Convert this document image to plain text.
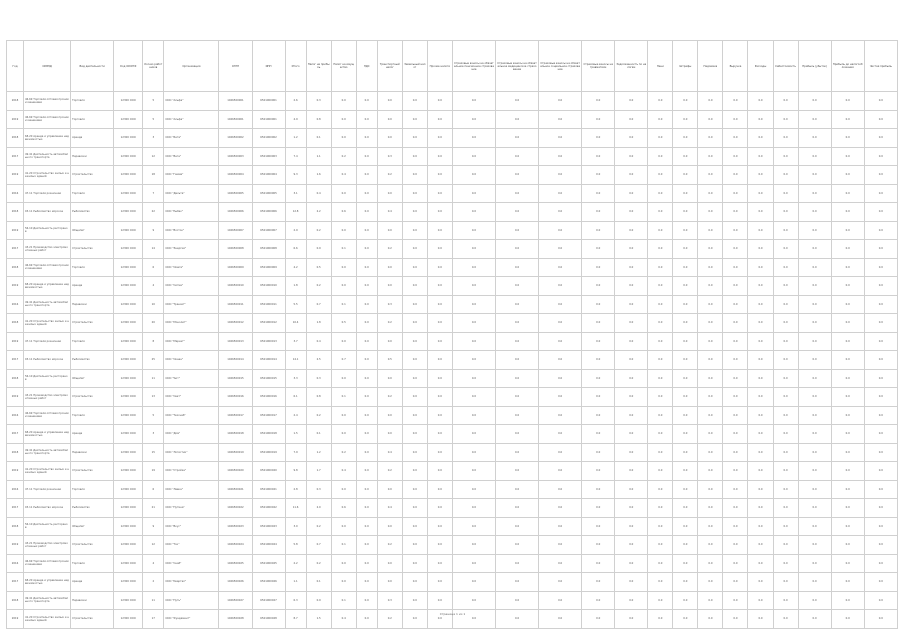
Год	ОКВЭД	Вид деятельности	Код ОКОПФ	Кол-во работников	Организация	ОГРН	ИНН	Итого	Налог на прибыль	Налог на имущество	НДС	Транспортный налог	Земельный налог	Прочие налоги	Страховые взносы на обязательное пенсионное страхование	Страховые взносы на обязательное медицинское страхование	Страховые взносы на обязательное социальное страхование	Страховые взносы на травматизм	Задолженность по налогам	Пени	Штрафы	Недоимка	Выручка	Расходы	Себестоимость	Прибыль (убыток)	Прибыль до налогообложения	Чистая прибыль
2018	46.69 Торговля оптовая прочими машинами	Торговля	12300 ООО	5	ООО "Альфа"	1026500001	6501000001	2.6	0.3	0.0	0.0	0.0	0.0	0.0	0.0	0.0	0.0	0.0	0.0	0.0	0.0	0.0	0.0	0.0	0.0	0.0	0.0	0.0
2019	46.69 Торговля оптовая прочими машинами	Торговля	12300 ООО	5	ООО "Альфа"	1026500001	6501000001	4.9	0.8	0.0	0.0	0.0	0.0	0.0	0.0	0.0	0.0	0.0	0.0	0.0	0.0	0.0	0.0	0.0	0.0	0.0	0.0	0.0
2018	68.20 Аренда и управление недвижимостью	Аренда	12300 ООО	3	ООО "Бета"	1026500002	6501000002	1.2	0.1	0.0	0.0	0.0	0.0	0.0	0.0	0.0	0.0	0.0	0.0	0.0	0.0	0.0	0.0	0.0	0.0	0.0	0.0	0.0
2017	49.41 Деятельность автомобильного транспорта	Перевозки	12300 ООО	12	ООО "Вега"	1026500003	6501000003	7.4	1.1	0.2	0.0	0.3	0.0	0.0	0.0	0.0	0.0	0.0	0.0	0.0	0.0	0.0	0.0	0.0	0.0	0.0	0.0	0.0
2019	41.20 Строительство жилых и нежилых зданий	Строительство	12300 ООО	18	ООО "Гамма"	1026500004	6501000004	9.3	1.6	0.4	0.0	0.2	0.0	0.0	0.0	0.0	0.0	0.0	0.0	0.0	0.0	0.0	0.0	0.0	0.0	0.0	0.0	0.0
2016	47.11 Торговля розничная	Торговля	12300 ООО	7	ООО "Дельта"	1026500005	6501000005	3.1	0.4	0.0	0.0	0.0	0.0	0.0	0.0	0.0	0.0	0.0	0.0	0.0	0.0	0.0	0.0	0.0	0.0	0.0	0.0	0.0
2018	03.11 Рыболовство морское	Рыболовство	12300 ООО	22	ООО "Рыбак"	1026500006	6501000006	12.8	2.2	0.6	0.0	0.4	0.0	0.0	0.0	0.0	0.0	0.0	0.0	0.0	0.0	0.0	0.0	0.0	0.0	0.0	0.0	0.0
2019	56.10 Деятельность ресторанов	Общепит	12300 ООО	9	ООО "Восток"	1026500007	6501000007	2.9	0.2	0.0	0.0	0.0	0.0	0.0	0.0	0.0	0.0	0.0	0.0	0.0	0.0	0.0	0.0	0.0	0.0	0.0	0.0	0.0
2017	43.21 Производство электромонтажных работ	Строительство	12300 ООО	14	ООО "Энергия"	1026500008	6501000008	6.6	0.9	0.1	0.0	0.2	0.0	0.0	0.0	0.0	0.0	0.0	0.0	0.0	0.0	0.0	0.0	0.0	0.0	0.0	0.0	0.0
2018	46.69 Торговля оптовая прочими машинами	Торговля	12300 ООО	6	ООО "Омега"	1026500009	6501000009	4.2	0.5	0.0	0.0	0.0	0.0	0.0	0.0	0.0	0.0	0.0	0.0	0.0	0.0	0.0	0.0	0.0	0.0	0.0	0.0	0.0
2019	68.20 Аренда и управление недвижимостью	Аренда	12300 ООО	4	ООО "Сигма"	1026500010	6501000010	1.8	0.2	0.0	0.0	0.0	0.0	0.0	0.0	0.0	0.0	0.0	0.0	0.0	0.0	0.0	0.0	0.0	0.0	0.0	0.0	0.0
2016	49.41 Деятельность автомобильного транспорта	Перевозки	12300 ООО	10	ООО "Транзит"	1026500011	6501000011	5.5	0.7	0.1	0.0	0.3	0.0	0.0	0.0	0.0	0.0	0.0	0.0	0.0	0.0	0.0	0.0	0.0	0.0	0.0	0.0	0.0
2018	41.20 Строительство жилых и нежилых зданий	Строительство	12300 ООО	20	ООО "Монолит"	1026500012	6501000012	10.4	1.8	0.5	0.0	0.2	0.0	0.0	0.0	0.0	0.0	0.0	0.0	0.0	0.0	0.0	0.0	0.0	0.0	0.0	0.0	0.0
2019	47.11 Торговля розничная	Торговля	12300 ООО	8	ООО "Маркет"	1026500013	6501000013	3.7	0.4	0.0	0.0	0.0	0.0	0.0	0.0	0.0	0.0	0.0	0.0	0.0	0.0	0.0	0.0	0.0	0.0	0.0	0.0	0.0
2017	03.11 Рыболовство морское	Рыболовство	12300 ООО	25	ООО "Океан"	1026500014	6501000014	14.1	2.5	0.7	0.0	0.5	0.0	0.0	0.0	0.0	0.0	0.0	0.0	0.0	0.0	0.0	0.0	0.0	0.0	0.0	0.0	0.0
2018	56.10 Деятельность ресторанов	Общепит	12300 ООО	11	ООО "Уют"	1026500015	6501000015	3.3	0.3	0.0	0.0	0.0	0.0	0.0	0.0	0.0	0.0	0.0	0.0	0.0	0.0	0.0	0.0	0.0	0.0	0.0	0.0	0.0
2019	43.21 Производство электромонтажных работ	Строительство	12300 ООО	13	ООО "Свет"	1026500016	6501000016	6.1	0.8	0.1	0.0	0.2	0.0	0.0	0.0	0.0	0.0	0.0	0.0	0.0	0.0	0.0	0.0	0.0	0.0	0.0	0.0	0.0
2016	46.69 Торговля оптовая прочими машинами	Торговля	12300 ООО	5	ООО "Техснаб"	1026500017	6501000017	2.4	0.2	0.0	0.0	0.0	0.0	0.0	0.0	0.0	0.0	0.0	0.0	0.0	0.0	0.0	0.0	0.0	0.0	0.0	0.0	0.0
2017	68.20 Аренда и управление недвижимостью	Аренда	12300 ООО	3	ООО "Дом"	1026500018	6501000018	1.5	0.1	0.0	0.0	0.0	0.0	0.0	0.0	0.0	0.0	0.0	0.0	0.0	0.0	0.0	0.0	0.0	0.0	0.0	0.0	0.0
2018	49.41 Деятельность автомобильного транспорта	Перевозки	12300 ООО	15	ООО "Логистик"	1026500019	6501000019	7.9	1.2	0.2	0.0	0.4	0.0	0.0	0.0	0.0	0.0	0.0	0.0	0.0	0.0	0.0	0.0	0.0	0.0	0.0	0.0	0.0
2019	41.20 Строительство жилых и нежилых зданий	Строительство	12300 ООО	19	ООО "Стройка"	1026500020	6501000020	9.8	1.7	0.4	0.0	0.2	0.0	0.0	0.0	0.0	0.0	0.0	0.0	0.0	0.0	0.0	0.0	0.0	0.0	0.0	0.0	0.0
2016	47.11 Торговля розничная	Торговля	12300 ООО	6	ООО "Лавка"	1026500021	6501000021	2.8	0.3	0.0	0.0	0.0	0.0	0.0	0.0	0.0	0.0	0.0	0.0	0.0	0.0	0.0	0.0	0.0	0.0	0.0	0.0	0.0
2017	03.11 Рыболовство морское	Рыболовство	12300 ООО	21	ООО "Путина"	1026500022	6501000022	11.6	2.0	0.6	0.0	0.4	0.0	0.0	0.0	0.0	0.0	0.0	0.0	0.0	0.0	0.0	0.0	0.0	0.0	0.0	0.0	0.0
2018	56.10 Деятельность ресторанов	Общепит	12300 ООО	9	ООО "Вкус"	1026500023	6501000023	3.0	0.2	0.0	0.0	0.0	0.0	0.0	0.0	0.0	0.0	0.0	0.0	0.0	0.0	0.0	0.0	0.0	0.0	0.0	0.0	0.0
2019	43.21 Производство электромонтажных работ	Строительство	12300 ООО	12	ООО "Ток"	1026500024	6501000024	5.8	0.7	0.1	0.0	0.2	0.0	0.0	0.0	0.0	0.0	0.0	0.0	0.0	0.0	0.0	0.0	0.0	0.0	0.0	0.0	0.0
2016	46.69 Торговля оптовая прочими машинами	Торговля	12300 ООО	4	ООО "Снаб"	1026500025	6501000025	2.2	0.2	0.0	0.0	0.0	0.0	0.0	0.0	0.0	0.0	0.0	0.0	0.0	0.0	0.0	0.0	0.0	0.0	0.0	0.0	0.0
2017	68.20 Аренда и управление недвижимостью	Аренда	12300 ООО	2	ООО "Квартал"	1026500026	6501000026	1.1	0.1	0.0	0.0	0.0	0.0	0.0	0.0	0.0	0.0	0.0	0.0	0.0	0.0	0.0	0.0	0.0	0.0	0.0	0.0	0.0
2018	49.41 Деятельность автомобильного транспорта	Перевозки	12300 ООО	11	ООО "Путь"	1026500027	6501000027	6.3	0.9	0.1	0.0	0.3	0.0	0.0	0.0	0.0	0.0	0.0	0.0	0.0	0.0	0.0	0.0	0.0	0.0	0.0	0.0	0.0
2019	41.20 Строительство жилых и нежилых зданий	Строительство	12300 ООО	17	ООО "Фундамент"	1026500028	6501000028	8.7	1.5	0.4	0.0	0.2	0.0	0.0	0.0	0.0	0.0	0.0	0.0	0.0	0.0	0.0	0.0	0.0	0.0	0.0	0.0	0.0
Страница 1 из 1
